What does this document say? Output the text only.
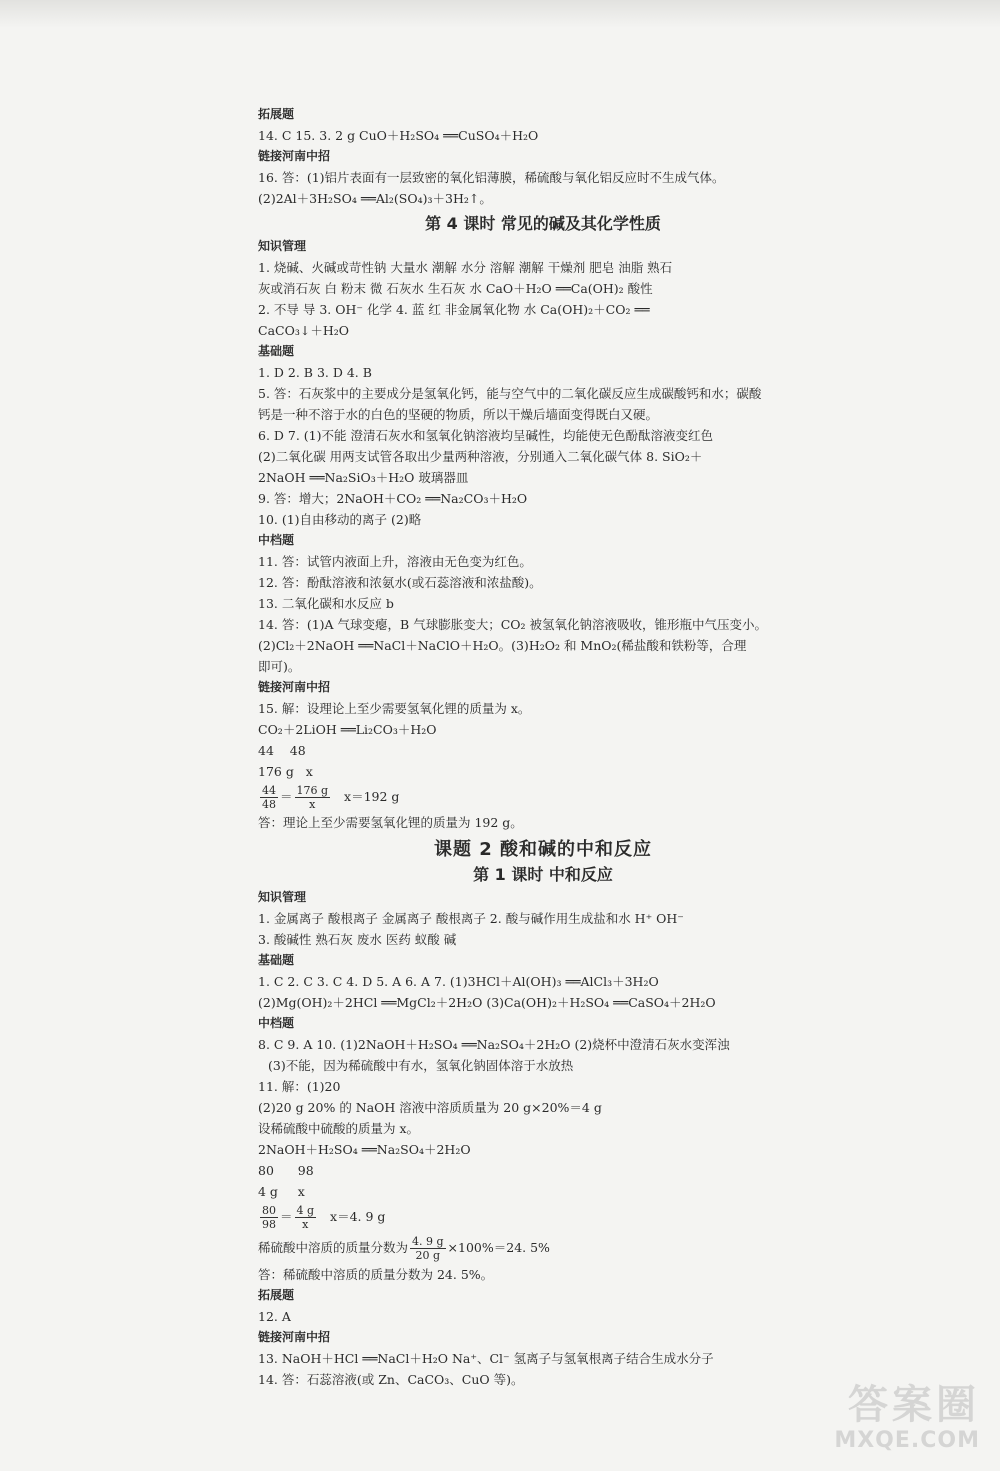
拓展题
14. C 15. 3. 2 g CuO＋H₂SO₄ ══CuSO₄＋H₂O
链接河南中招
16. 答：(1)铝片表面有一层致密的氧化铝薄膜，稀硫酸与氧化铝反应时不生成气体。
(2)2Al＋3H₂SO₄ ══Al₂(SO₄)₃＋3H₂↑。
第 4 课时 常见的碱及其化学性质
知识管理
1. 烧碱、火碱或苛性钠 大量水 潮解 水分 溶解 潮解 干燥剂 肥皂 油脂 熟石
灰或消石灰 白 粉末 微 石灰水 生石灰 水 CaO＋H₂O ══Ca(OH)₂ 酸性
2. 不导 导 3. OH⁻ 化学 4. 蓝 红 非金属氧化物 水 Ca(OH)₂＋CO₂ ══
CaCO₃↓＋H₂O
基础题
1. D 2. B 3. D 4. B
5. 答：石灰浆中的主要成分是氢氧化钙，能与空气中的二氧化碳反应生成碳酸钙和水；碳酸
钙是一种不溶于水的白色的坚硬的物质，所以干燥后墙面变得既白又硬。
6. D 7. (1)不能 澄清石灰水和氢氧化钠溶液均呈碱性，均能使无色酚酞溶液变红色
(2)二氧化碳 用两支试管各取出少量两种溶液，分别通入二氧化碳气体 8. SiO₂＋
2NaOH ══Na₂SiO₃＋H₂O 玻璃器皿
9. 答：增大；2NaOH＋CO₂ ══Na₂CO₃＋H₂O
10. (1)自由移动的离子 (2)略
中档题
11. 答：试管内液面上升，溶液由无色变为红色。
12. 答：酚酞溶液和浓氨水(或石蕊溶液和浓盐酸)。
13. 二氧化碳和水反应 b
14. 答：(1)A 气球变瘪，B 气球膨胀变大；CO₂ 被氢氧化钠溶液吸收，锥形瓶中气压变小。
(2)Cl₂＋2NaOH ══NaCl＋NaClO＋H₂O。(3)H₂O₂ 和 MnO₂(稀盐酸和铁粉等，合理
即可)。
链接河南中招
15. 解：设理论上至少需要氢氧化锂的质量为 x。
CO₂＋2LiOH ══Li₂CO₃＋H₂O
44    48
176 g   x
$\frac{44}{48} = \frac{176 g}{x} x=192$ g
答：理论上至少需要氢氧化锂的质量为 192 g。
课题 2 酸和碱的中和反应
第 1 课时 中和反应
知识管理
1. 金属离子 酸根离子 金属离子 酸根离子 2. 酸与碱作用生成盐和水 H⁺ OH⁻
3. 酸碱性 熟石灰 废水 医药 蚁酸 碱
基础题
1. C 2. C 3. C 4. D 5. A 6. A 7. (1)3HCl＋Al(OH)₃ ══AlCl₃＋3H₂O
(2)Mg(OH)₂＋2HCl ══MgCl₂＋2H₂O (3)Ca(OH)₂＋H₂SO₄ ══CaSO₄＋2H₂O
中档题
8. C 9. A 10. (1)2NaOH＋H₂SO₄ ══Na₂SO₄＋2H₂O (2)烧杯中澄清石灰水变浑浊
(3)不能，因为稀硫酸中有水，氢氧化钠固体溶于水放热
11. 解：(1)20
(2)20 g 20% 的 NaOH 溶液中溶质质量为 20 g×20%＝4 g
设稀硫酸中硫酸的质量为 x。
2NaOH＋H₂SO₄ ══Na₂SO₄＋2H₂O
80      98
4 g     x
$\frac{80}{98} = \frac{4 g}{x} x=4$. 9 g
稀硫酸中溶质的质量分数为 $\frac{4. 9 g}{20 g} \times 100\%=24$. 5%
答：稀硫酸中溶质的质量分数为 24. 5%。
拓展题
12. A
链接河南中招
13. NaOH＋HCl ══NaCl＋H₂O Na⁺、Cl⁻ 氢离子与氢氧根离子结合生成水分子
14. 答：石蕊溶液(或 Zn、CaCO₃、CuO 等)。
答案圈
MXQE.COM
